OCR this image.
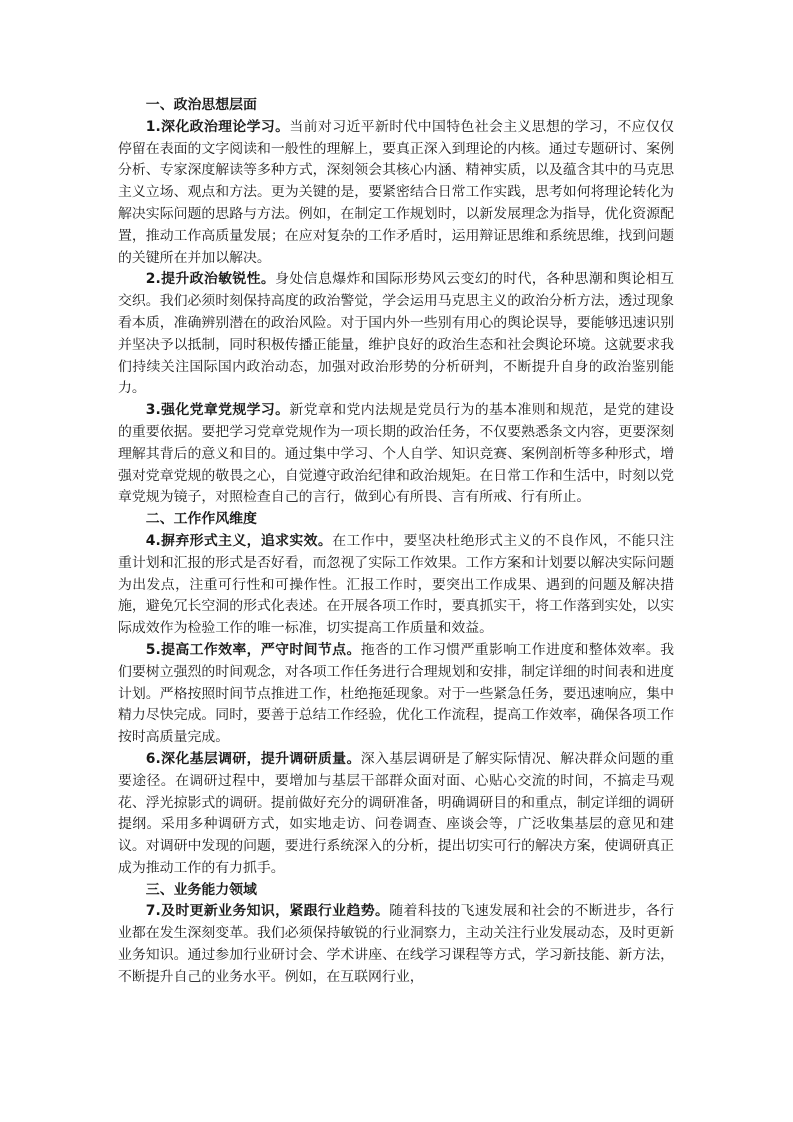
一、政治思想层面

1.深化政治理论学习。当前对习近平新时代中国特色社会主义思想的学习，不应仅仅停留在表面的文字阅读和一般性的理解上，要真正深入到理论的内核。通过专题研讨、案例分析、专家深度解读等多种方式，深刻领会其核心内涵、精神实质，以及蕴含其中的马克思主义立场、观点和方法。更为关键的是，要紧密结合日常工作实践，思考如何将理论转化为解决实际问题的思路与方法。例如，在制定工作规划时，以新发展理念为指导，优化资源配置，推动工作高质量发展；在应对复杂的工作矛盾时，运用辩证思维和系统思维，找到问题的关键所在并加以解决。

2.提升政治敏锐性。身处信息爆炸和国际形势风云变幻的时代，各种思潮和舆论相互交织。我们必须时刻保持高度的政治警觉，学会运用马克思主义的政治分析方法，透过现象看本质，准确辨别潜在的政治风险。对于国内外一些别有用心的舆论误导，要能够迅速识别并坚决予以抵制，同时积极传播正能量，维护良好的政治生态和社会舆论环境。这就要求我们持续关注国际国内政治动态，加强对政治形势的分析研判，不断提升自身的政治鉴别能力。

3.强化党章党规学习。新党章和党内法规是党员行为的基本准则和规范，是党的建设的重要依据。要把学习党章党规作为一项长期的政治任务，不仅要熟悉条文内容，更要深刻理解其背后的意义和目的。通过集中学习、个人自学、知识竞赛、案例剖析等多种形式，增强对党章党规的敬畏之心，自觉遵守政治纪律和政治规矩。在日常工作和生活中，时刻以党章党规为镜子，对照检查自己的言行，做到心有所畏、言有所戒、行有所止。

二、工作作风维度

4.摒弃形式主义，追求实效。在工作中，要坚决杜绝形式主义的不良作风，不能只注重计划和汇报的形式是否好看，而忽视了实际工作效果。工作方案和计划要以解决实际问题为出发点，注重可行性和可操作性。汇报工作时，要突出工作成果、遇到的问题及解决措施，避免冗长空洞的形式化表述。在开展各项工作时，要真抓实干，将工作落到实处，以实际成效作为检验工作的唯一标准，切实提高工作质量和效益。

5.提高工作效率，严守时间节点。拖沓的工作习惯严重影响工作进度和整体效率。我们要树立强烈的时间观念，对各项工作任务进行合理规划和安排，制定详细的时间表和进度计划。严格按照时间节点推进工作，杜绝拖延现象。对于一些紧急任务，要迅速响应，集中精力尽快完成。同时，要善于总结工作经验，优化工作流程，提高工作效率，确保各项工作按时高质量完成。

6.深化基层调研，提升调研质量。深入基层调研是了解实际情况、解决群众问题的重要途径。在调研过程中，要增加与基层干部群众面对面、心贴心交流的时间，不搞走马观花、浮光掠影式的调研。提前做好充分的调研准备，明确调研目的和重点，制定详细的调研提纲。采用多种调研方式，如实地走访、问卷调查、座谈会等，广泛收集基层的意见和建议。对调研中发现的问题，要进行系统深入的分析，提出切实可行的解决方案，使调研真正成为推动工作的有力抓手。

三、业务能力领域

7.及时更新业务知识，紧跟行业趋势。随着科技的飞速发展和社会的不断进步，各行业都在发生深刻变革。我们必须保持敏锐的行业洞察力，主动关注行业发展动态，及时更新业务知识。通过参加行业研讨会、学术讲座、在线学习课程等方式，学习新技能、新方法，不断提升自己的业务水平。例如，在互联网行业，
